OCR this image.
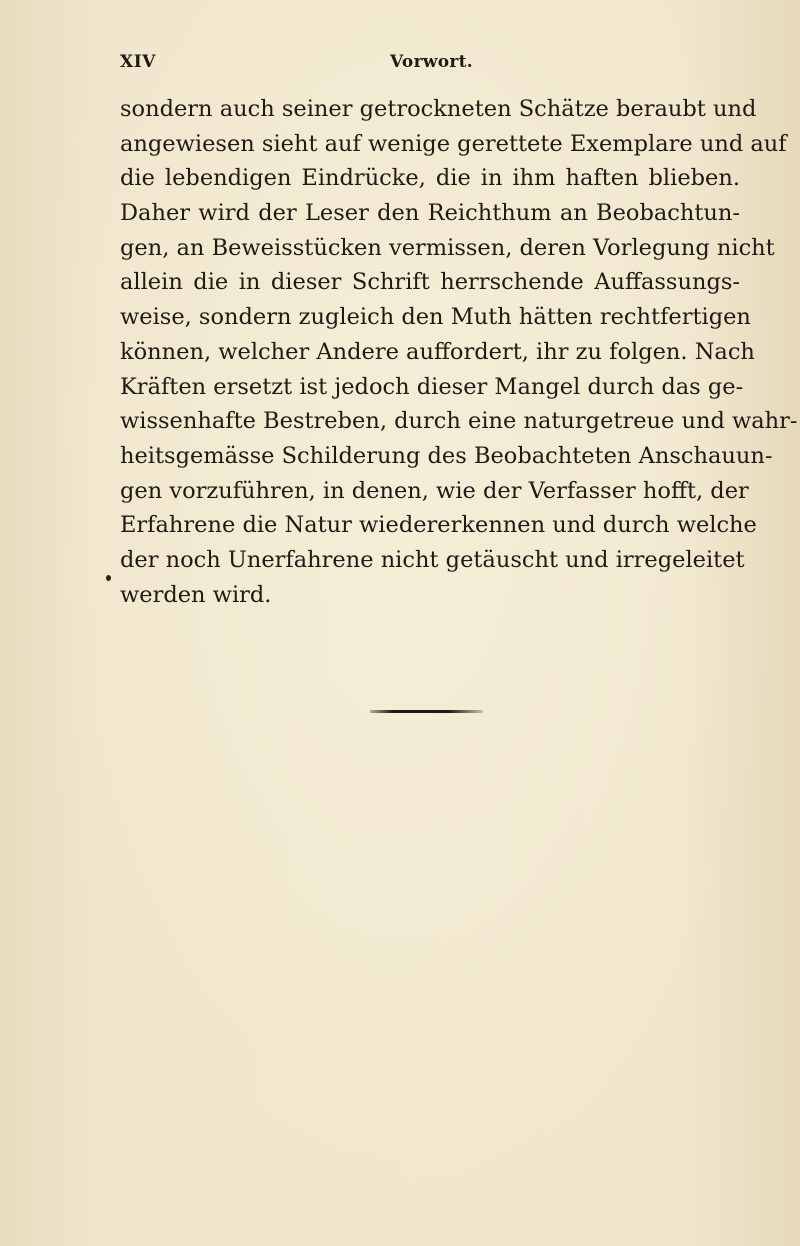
XIV	Vorwort.
sondern auch seiner getrockneten Schätze beraubt und
angewiesen sieht auf wenige gerettete Exemplare und auf
die lebendigen Eindrücke, die in ihm haften blieben.
Daher wird der Leser den Reichthum an Beobachtun-
gen, an Beweisstücken vermissen, deren Vorlegung nicht
allein die in dieser Schrift herrschende Auffassungs-
weise, sondern zugleich den Muth hätten rechtfertigen
können, welcher Andere auffordert, ihr zu folgen. Nach
Kräften ersetzt ist jedoch dieser Mangel durch das ge-
wissenhafte Bestreben, durch eine naturgetreue und wahr-
heitsgemässe Schilderung des Beobachteten Anschauun-
gen vorzuführen, in denen, wie der Verfasser hofft, der
Erfahrene die Natur wiedererkennen und durch welche
der noch Unerfahrene nicht getäuscht und irregeleitet
werden wird.
